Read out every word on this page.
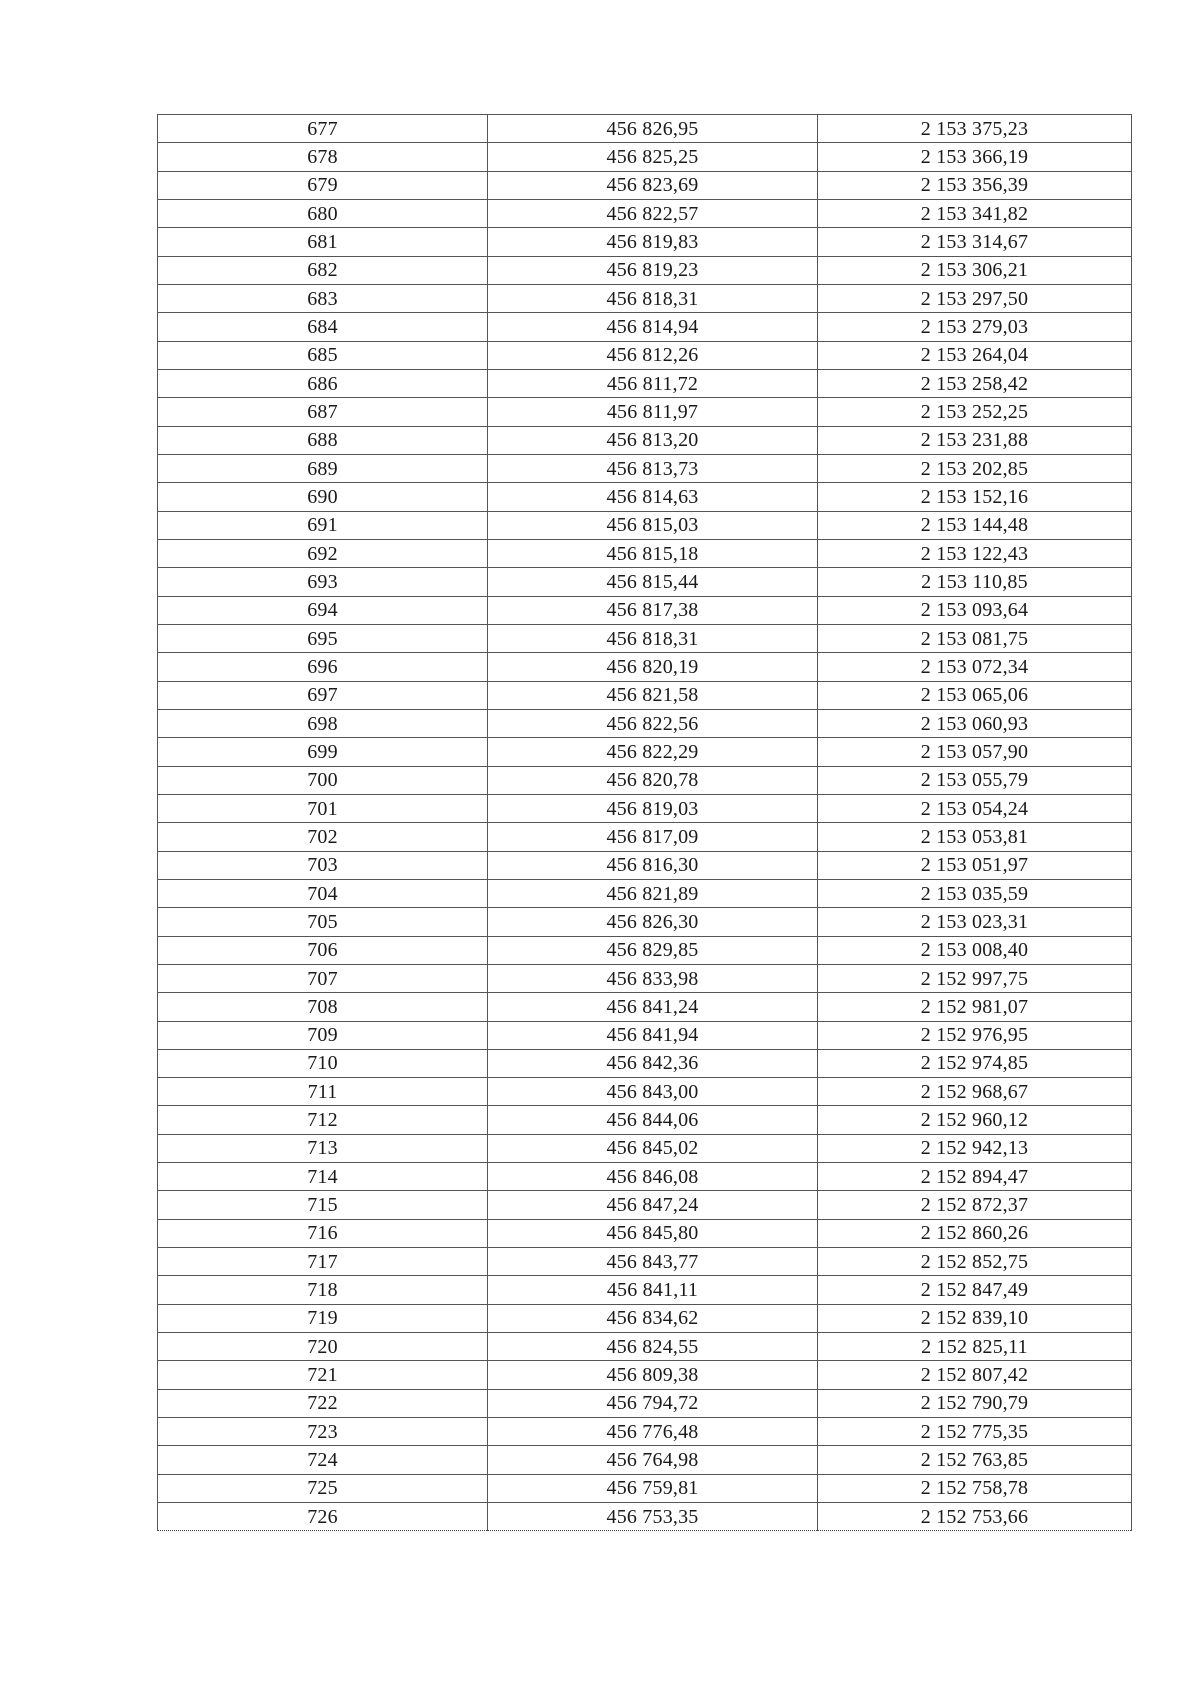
677	456 826,95	2 153 375,23
678	456 825,25	2 153 366,19
679	456 823,69	2 153 356,39
680	456 822,57	2 153 341,82
681	456 819,83	2 153 314,67
682	456 819,23	2 153 306,21
683	456 818,31	2 153 297,50
684	456 814,94	2 153 279,03
685	456 812,26	2 153 264,04
686	456 811,72	2 153 258,42
687	456 811,97	2 153 252,25
688	456 813,20	2 153 231,88
689	456 813,73	2 153 202,85
690	456 814,63	2 153 152,16
691	456 815,03	2 153 144,48
692	456 815,18	2 153 122,43
693	456 815,44	2 153 110,85
694	456 817,38	2 153 093,64
695	456 818,31	2 153 081,75
696	456 820,19	2 153 072,34
697	456 821,58	2 153 065,06
698	456 822,56	2 153 060,93
699	456 822,29	2 153 057,90
700	456 820,78	2 153 055,79
701	456 819,03	2 153 054,24
702	456 817,09	2 153 053,81
703	456 816,30	2 153 051,97
704	456 821,89	2 153 035,59
705	456 826,30	2 153 023,31
706	456 829,85	2 153 008,40
707	456 833,98	2 152 997,75
708	456 841,24	2 152 981,07
709	456 841,94	2 152 976,95
710	456 842,36	2 152 974,85
711	456 843,00	2 152 968,67
712	456 844,06	2 152 960,12
713	456 845,02	2 152 942,13
714	456 846,08	2 152 894,47
715	456 847,24	2 152 872,37
716	456 845,80	2 152 860,26
717	456 843,77	2 152 852,75
718	456 841,11	2 152 847,49
719	456 834,62	2 152 839,10
720	456 824,55	2 152 825,11
721	456 809,38	2 152 807,42
722	456 794,72	2 152 790,79
723	456 776,48	2 152 775,35
724	456 764,98	2 152 763,85
725	456 759,81	2 152 758,78
726	456 753,35	2 152 753,66
